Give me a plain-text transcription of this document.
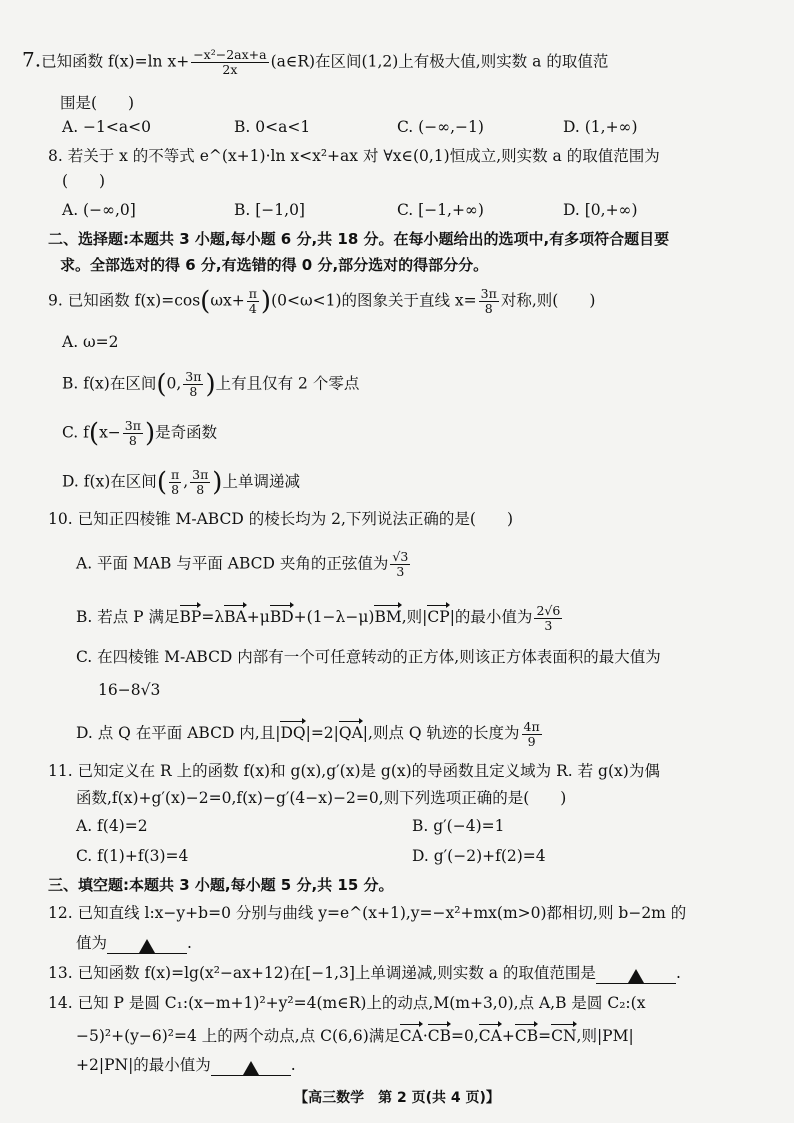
7.已知函数 f(x)=ln $x+ \frac{\text{−x²−2ax+a}}{2x}$ (a∈R)在区间(1,2)上有极大值,则实数 a 的取值范
围是(　　)
A. −1<a<0	B. 0<a<1	C. (−∞,−1)	D. (1,+∞)
8. 若关于 x 的不等式 e^(x+1)·ln x<x²+ax 对 ∀x∈(0,1)恒成立,则实数 a 的取值范围为
(　　)
A. (−∞,0]	B. [−1,0]	C. [−1,+∞)	D. [0,+∞)
二、选择题:本题共 3 小题,每小题 6 分,共 18 分。在每小题给出的选项中,有多项符合题目要
求。全部选对的得 6 分,有选错的得 0 分,部分选对的得部分分。
9. 已知函数 $f(x)=\cos(\omega x+ \frac{\pi}{4} )(0<\omega<1)$的图象关于直线 $x= \frac{3\pi}{8}$ 对称,则(　　)
A. ω=2
B. f(x)在区间(0, $\frac{3\pi}{8}$ )上有且仅有 2 个零点
C. $f(x- \frac{3\pi}{8}$ )是奇函数
D. f(x)在区间( $\frac{\pi}{8}$ , $\frac{3\pi}{8}$ )上单调递减
10. 已知正四棱锥 M-ABCD 的棱长均为 2,下列说法正确的是(　　)
A. 平面 MAB 与平面 ABCD 夹角的正弦值为 $\frac{√3}{3}$
B. 若点 P 满足BP=λBA+μBD+(1−λ−μ)BM,则|CP|的最小值为 $\frac{2√6}{3}$
C. 在四棱锥 M-ABCD 内部有一个可任意转动的正方体,则该正方体表面积的最大值为
16−8√3
D. 点 Q 在平面 ABCD 内,且|DQ|=2|QA|,则点 Q 轨迹的长度为 $\frac{4\pi}{9}$
11. 已知定义在 R 上的函数 f(x)和 g(x),g′(x)是 g(x)的导函数且定义域为 R. 若 g(x)为偶
函数,f(x)+g′(x)−2=0,f(x)−g′(4−x)−2=0,则下列选项正确的是(　　)
A. f(4)=2	B. g′(−4)=1
C. f(1)+f(3)=4	D. g′(−2)+f(2)=4
三、填空题:本题共 3 小题,每小题 5 分,共 15 分。
12. 已知直线 l:x−y+b=0 分别与曲线 y=e^(x+1),y=−x²+mx(m>0)都相切,则 b−2m 的
值为	.
13. 已知函数 f(x)=lg(x²−ax+12)在[−1,3]上单调递减,则实数 a 的取值范围是	.
14. 已知 P 是圆 C₁:(x−m+1)²+y²=4(m∈R)上的动点,M(m+3,0),点 A,B 是圆 C₂:(x
−5)²+(y−6)²=4 上的两个动点,点 C(6,6)满足CA·CB=0,CA+CB=CN,则|PM|
+2|PN|的最小值为	.
【高三数学　第 2 页(共 4 页)】
